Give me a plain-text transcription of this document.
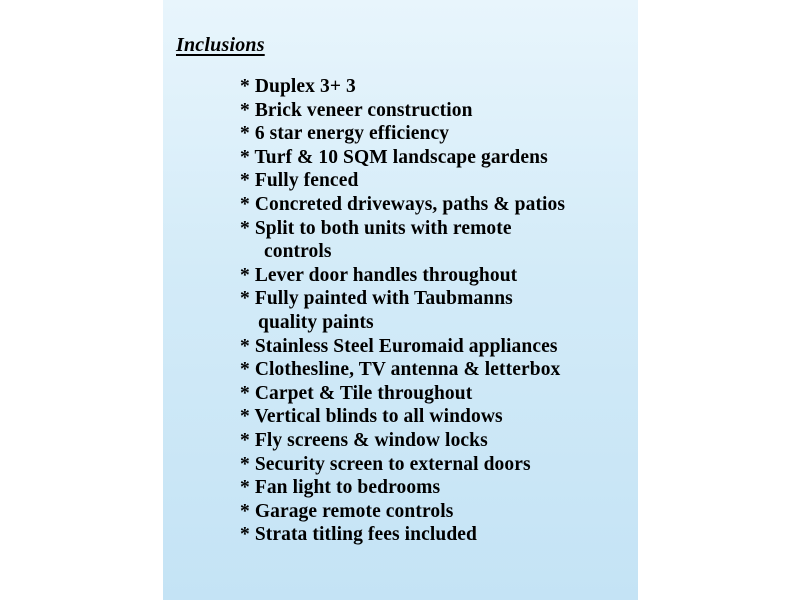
Inclusions
* Duplex 3+ 3
* Brick veneer construction
* 6 star energy efficiency
* Turf & 10 SQM landscape gardens
* Fully fenced
* Concreted driveways, paths & patios
* Split to both units with remote
controls
* Lever door handles throughout
* Fully painted with Taubmanns
quality paints
* Stainless Steel Euromaid appliances
* Clothesline, TV antenna & letterbox
* Carpet & Tile throughout
* Vertical blinds to all windows
* Fly screens & window locks
* Security screen to external doors
* Fan light to bedrooms
* Garage remote controls
* Strata titling fees included
